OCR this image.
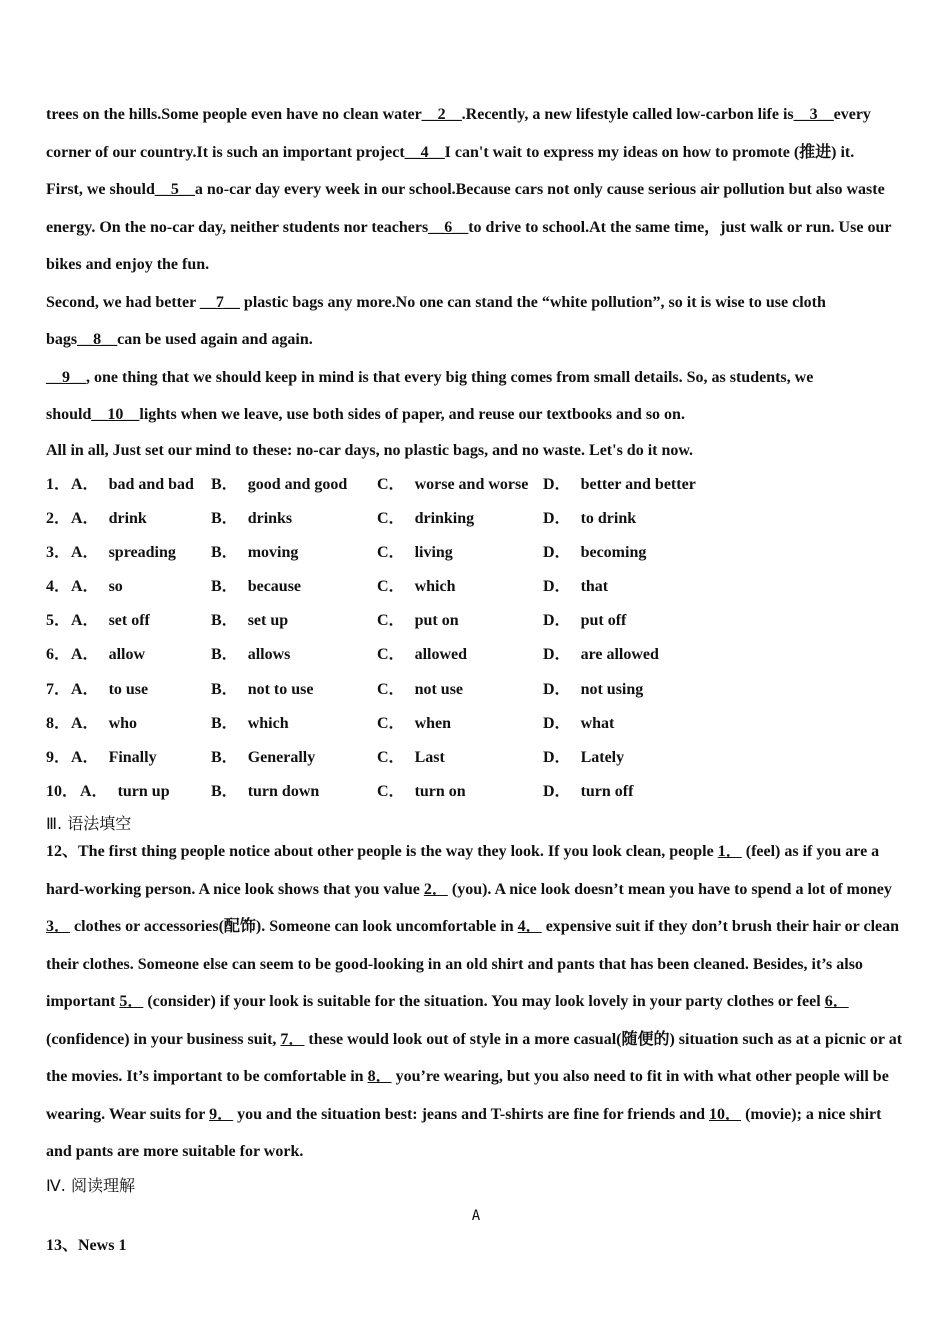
trees on the hills.Some people even have no clean water__2__.Recently, a new lifestyle called low-carbon life is__3__every corner of our country.It is such an important project__4__I can't wait to express my ideas on how to promote (推进) it.

First, we should__5__a no-car day every week in our school.Because cars not only cause serious air pollution but also waste energy. On the no-car day, neither students nor teachers__6__to drive to school.At the same time，just walk or run. Use our bikes and enjoy the fun.

Second, we had better __7__ plastic bags any more.No one can stand the “white pollution”, so it is wise to use cloth bags__8__can be used again and again.

__9__, one thing that we should keep in mind is that every big thing comes from small details. So, as students, we should__10__lights when we leave, use both sides of paper, and reuse our textbooks and so on.

All in all, Just set our mind to these: no-car days, no plastic bags, and no waste. Let's do it now.

1． A． bad and bad B． good and good C． worse and worse D． better and better
2． A． drink	B． drinks	C． drinking	D． to drink
3． A． spreading B． moving	C． living	D． becoming
4． A． so	B． because	C． which	D． that
5． A． set off	B． set up	C． put on	D． put off
6． A． allow	B． allows	C． allowed	D． are allowed
7． A． to use	B． not to use	C． not use	D． not using
8． A． who	B． which	C． when	D． what
9． A． Finally	B． Generally	C． Last	D． Lately
10． A． turn up	B． turn down	C． turn on	D． turn off
Ⅲ. 语法填空

12、The first thing people notice about other people is the way they look. If you look clean, people 1． (feel) as if you are a hard-working person. A nice look shows that you value 2． (you). A nice look doesn’t mean you have to spend a lot of money 3． clothes or accessories(配饰). Someone can look uncomfortable in 4． expensive suit if they don’t brush their hair or clean their clothes. Someone else can seem to be good-looking in an old shirt and pants that has been cleaned. Besides, it’s also important 5． (consider) if your look is suitable for the situation. You may look lovely in your party clothes or feel 6． (confidence) in your business suit, 7． these would look out of style in a more casual(随便的) situation such as at a picnic or at the movies. It’s important to be comfortable in 8． you’re wearing, but you also need to fit in with what other people will be wearing. Wear suits for 9． you and the situation best: jeans and T-shirts are fine for friends and 10． (movie); a nice shirt and pants are more suitable for work.

Ⅳ. 阅读理解
A
13、News 1
